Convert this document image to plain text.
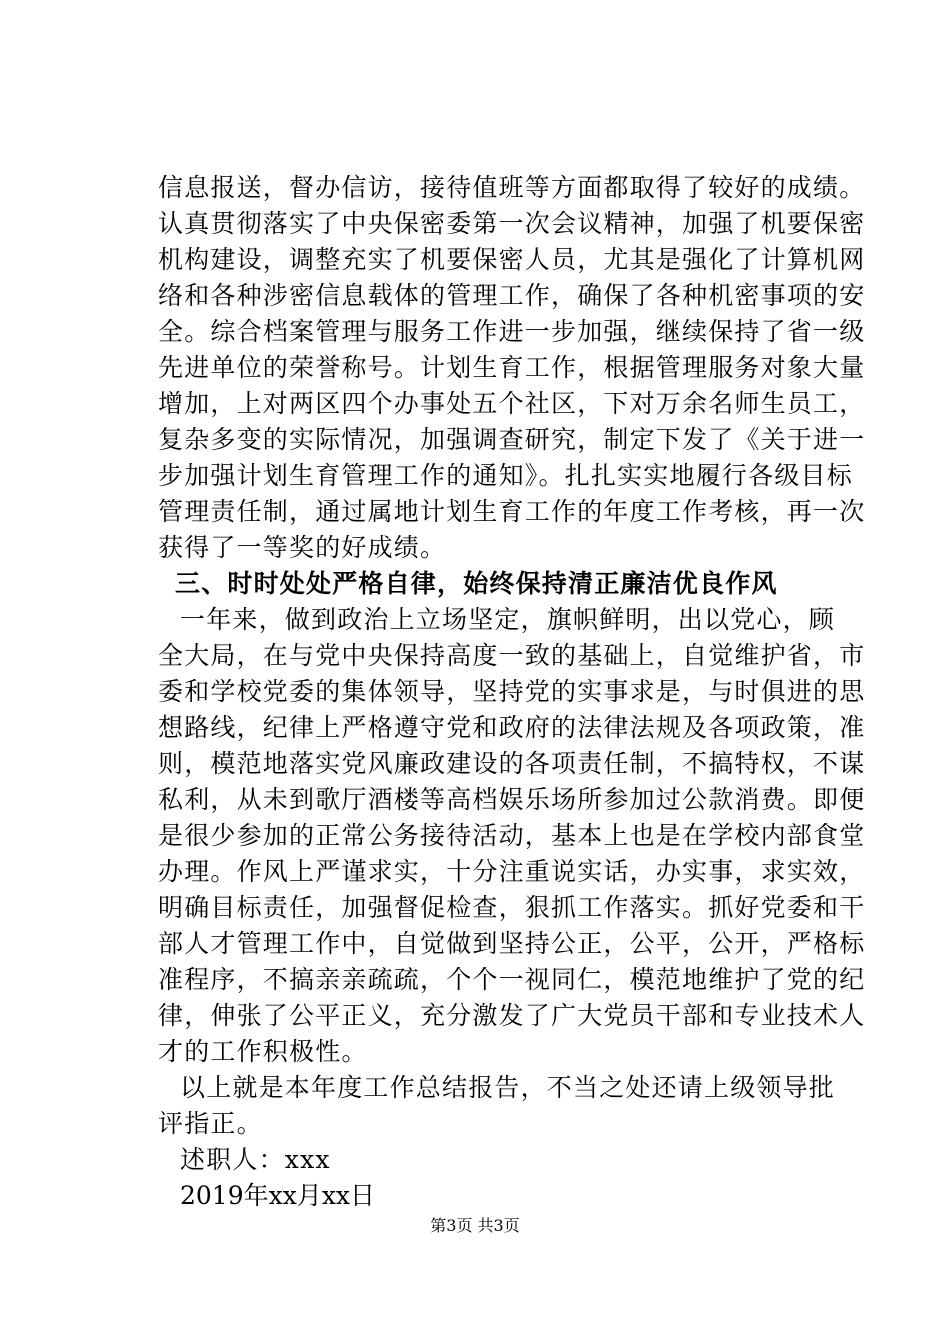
信息报送，督办信访，接待值班等方面都取得了较好的成绩。
认真贯彻落实了中央保密委第一次会议精神，加强了机要保密
机构建设，调整充实了机要保密人员，尤其是强化了计算机网
络和各种涉密信息载体的管理工作，确保了各种机密事项的安
全。综合档案管理与服务工作进一步加强，继续保持了省一级
先进单位的荣誉称号。计划生育工作，根据管理服务对象大量
增加，上对两区四个办事处五个社区，下对万余名师生员工，
复杂多变的实际情况，加强调查研究，制定下发了《关于进一
步加强计划生育管理工作的通知》。扎扎实实地履行各级目标
管理责任制，通过属地计划生育工作的年度工作考核，再一次
获得了一等奖的好成绩。
三、时时处处严格自律，始终保持清正廉洁优良作风
一年来，做到政治上立场坚定，旗帜鲜明，出以党心，顾
全大局，在与党中央保持高度一致的基础上，自觉维护省，市
委和学校党委的集体领导，坚持党的实事求是，与时俱进的思
想路线，纪律上严格遵守党和政府的法律法规及各项政策，准
则，模范地落实党风廉政建设的各项责任制，不搞特权，不谋
私利，从未到歌厅酒楼等高档娱乐场所参加过公款消费。即便
是很少参加的正常公务接待活动，基本上也是在学校内部食堂
办理。作风上严谨求实，十分注重说实话，办实事，求实效，
明确目标责任，加强督促检查，狠抓工作落实。抓好党委和干
部人才管理工作中，自觉做到坚持公正，公平，公开，严格标
准程序，不搞亲亲疏疏，个个一视同仁，模范地维护了党的纪
律，伸张了公平正义，充分激发了广大党员干部和专业技术人
才的工作积极性。
以上就是本年度工作总结报告，不当之处还请上级领导批
评指正。
述职人：xxx
2019年xx月xx日
第3页 共3页
